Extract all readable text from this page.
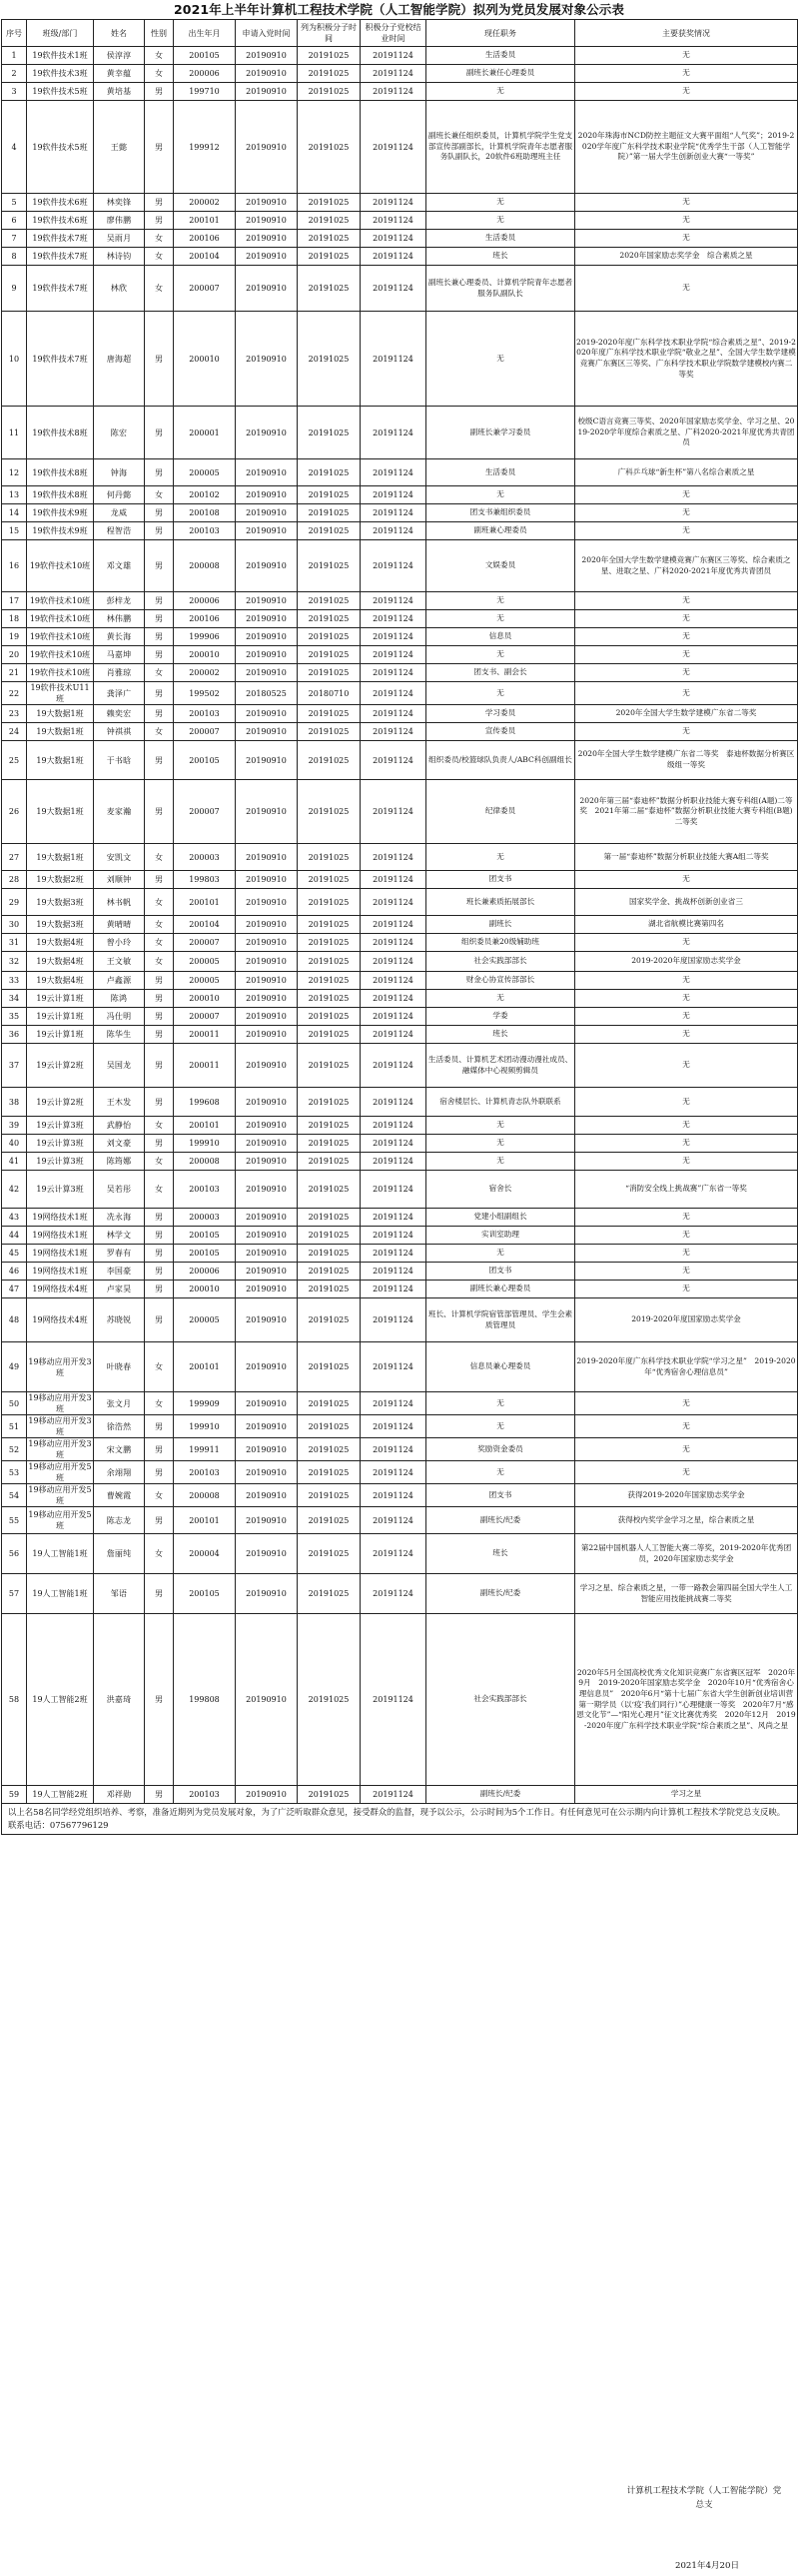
2021年上半年计算机工程技术学院（人工智能学院）拟列为党员发展对象公示表
序号	班级/部门	姓名	性别	出生年月	申请入党时间	列为积极分子时间	积极分子党校结业时间	现任职务	主要获奖情况
1	19软件技术1班	侯淳淳	女	200105	20190910	20191025	20191124	生活委员	无
2	19软件技术3班	黄幸蕴	女	200006	20190910	20191025	20191124	副班长兼任心理委员	无
3	19软件技术5班	黄培基	男	199710	20190910	20191025	20191124	无	无
4	19软件技术5班	王懿	男	199912	20190910	20191025	20191124	副班长兼任组织委员，计算机学院学生党支部宣传部副部长，计算机学院青年志愿者服务队副队长，20软件6班助理班主任	2020年珠海市NCD防控主题征文大赛平面组“人气奖”；2019-2020学年度广东科学技术职业学院“优秀学生干部（人工智能学院）”第一届大学生创新创业大赛“一等奖”
5	19软件技术6班	林奕锋	男	200002	20190910	20191025	20191124	无	无
6	19软件技术6班	廖伟鹏	男	200101	20190910	20191025	20191124	无	无
7	19软件技术7班	吴雨月	女	200106	20190910	20191025	20191124	生活委员	无
8	19软件技术7班	林诗钧	女	200104	20190910	20191025	20191124	班长	2020年国家励志奖学金　综合素质之星
9	19软件技术7班	林欣	女	200007	20190910	20191025	20191124	副班长兼心理委员、计算机学院青年志愿者服务队副队长	无
10	19软件技术7班	唐海超	男	200010	20190910	20191025	20191124	无	2019-2020年度广东科学技术职业学院“综合素质之星”、2019-2020年度广东科学技术职业学院“敬业之星”、全国大学生数学建模竞赛广东赛区三等奖、广东科学技术职业学院数学建模校内赛二等奖
11	19软件技术8班	陈宏	男	200001	20190910	20191025	20191124	副班长兼学习委员	校级C语言竞赛三等奖、2020年国家励志奖学金、学习之星、2019-2020学年度综合素质之星、广科2020-2021年度优秀共青团员
12	19软件技术8班	钟海	男	200005	20190910	20191025	20191124	生活委员	广科乒乓球“新生杯”第八名综合素质之星
13	19软件技术8班	何丹懿	女	200102	20190910	20191025	20191124	无	无
14	19软件技术9班	龙威	男	200108	20190910	20191025	20191124	团支书兼组织委员	无
15	19软件技术9班	程智浩	男	200103	20190910	20191025	20191124	副班兼心理委员	无
16	19软件技术10班	邓文雄	男	200008	20190910	20191025	20191124	文娱委员	2020年全国大学生数学建模竞赛广东赛区三等奖、综合素质之星、进取之星、广科2020-2021年度优秀共青团员
17	19软件技术10班	彭梓龙	男	200006	20190910	20191025	20191124	无	无
18	19软件技术10班	林伟鹏	男	200106	20190910	20191025	20191124	无	无
19	19软件技术10班	黄长海	男	199906	20190910	20191025	20191124	信息员	无
20	19软件技术10班	马嘉坤	男	200010	20190910	20191025	20191124	无	无
21	19软件技术10班	肖雅琼	女	200002	20190910	20191025	20191124	团支书、副会长	无
22	19软件技术U11班	龚泽广	男	199502	20180525	20180710	20191124	无	无
23	19大数据1班	赖奕宏	男	200103	20190910	20191025	20191124	学习委员	2020年全国大学生数学建模广东省二等奖
24	19大数据1班	钟祺祺	女	200007	20190910	20191025	20191124	宣传委员	无
25	19大数据1班	于书晗	男	200105	20190910	20191025	20191124	组织委员/校篮球队负责人/ABC科创副组长	2020年全国大学生数学建模广东省二等奖　泰迪杯数据分析赛区级组一等奖
26	19大数据1班	麦家瀚	男	200007	20190910	20191025	20191124	纪律委员	2020年第三届“泰迪杯”数据分析职业技能大赛专科组(A题)二等奖　2021年第二届“泰迪杯”数据分析职业技能大赛专科组(B题)二等奖
27	19大数据1班	安凯文	女	200003	20190910	20191025	20191124	无	第一届“泰迪杯”数据分析职业技能大赛A组二等奖
28	19大数据2班	刘顺钟	男	199803	20190910	20191025	20191124	团支书	无
29	19大数据3班	林书帆	女	200101	20190910	20191025	20191124	班长兼素质拓展部长	国家奖学金、挑战杯创新创业省三
30	19大数据3班	黄晴晴	女	200104	20190910	20191025	20191124	副班长	湖北省航模比赛第四名
31	19大数据4班	曾小玲	女	200007	20190910	20191025	20191124	组织委员兼20级辅助班	无
32	19大数据4班	王文敏	女	200005	20190910	20191025	20191124	社会实践部部长	2019-2020年度国家励志奖学金
33	19大数据4班	卢鑫源	男	200005	20190910	20191025	20191124	财金心协宣传部部长	无
34	19云计算1班	陈鸿	男	200010	20190910	20191025	20191124	无	无
35	19云计算1班	冯仕明	男	200007	20190910	20191025	20191124	学委	无
36	19云计算1班	陈华生	男	200011	20190910	20191025	20191124	班长	无
37	19云计算2班	吴国龙	男	200011	20190910	20191025	20191124	生活委员、计算机艺术团动漫动漫社成员、融媒体中心视频剪辑员	无
38	19云计算2班	王木发	男	199608	20190910	20191025	20191124	宿舍楼层长、计算机青志队外联联系	无
39	19云计算3班	武静怡	女	200101	20190910	20191025	20191124	无	无
40	19云计算3班	刘文豪	男	199910	20190910	20191025	20191124	无	无
41	19云计算3班	陈筠娜	女	200008	20190910	20191025	20191124	无	无
42	19云计算3班	吴若彤	女	200103	20190910	20191025	20191124	宿舍长	“消防安全线上挑战赛”广东省一等奖
43	19网络技术1班	冼永海	男	200003	20190910	20191025	20191124	党建小组副组长	无
44	19网络技术1班	林学文	男	200105	20190910	20191025	20191124	实训室助理	无
45	19网络技术1班	罗春有	男	200105	20190910	20191025	20191124	无	无
46	19网络技术1班	李国豪	男	200006	20190910	20191025	20191124	团支书	无
47	19网络技术4班	卢家昊	男	200010	20190910	20191025	20191124	副班长兼心理委员	无
48	19网络技术4班	苏晓锐	男	200005	20190910	20191025	20191124	班长、计算机学院宿管部管理员、学生会素质管理员	2019-2020年度国家励志奖学金
49	19移动应用开发3班	叶晓春	女	200101	20190910	20191025	20191124	信息员兼心理委员	2019-2020年度广东科学技术职业学院“学习之星”　2019-2020年“优秀宿舍心理信息员”
50	19移动应用开发3班	张文月	女	199909	20190910	20191025	20191124	无	无
51	19移动应用开发3班	徐浩然	男	199910	20190910	20191025	20191124	无	无
52	19移动应用开发3班	宋文鹏	男	199911	20190910	20191025	20191124	奖励资金委员	无
53	19移动应用开发5班	余翊翔	男	200103	20190910	20191025	20191124	无	无
54	19移动应用开发5班	曹婉霞	女	200008	20190910	20191025	20191124	团支书	获得2019-2020年国家励志奖学金
55	19移动应用开发5班	陈志龙	男	200101	20190910	20191025	20191124	副班长/纪委	获得校内奖学金学习之星，综合素质之星
56	19人工智能1班	詹丽纯	女	200004	20190910	20191025	20191124	班长	第22届中国机器人人工智能大赛二等奖，2019-2020年优秀团员，2020年国家励志奖学金
57	19人工智能1班	邹语	男	200105	20190910	20191025	20191124	副班长/纪委	学习之星、综合素质之星，一带一路教会第四届全国大学生人工智能应用技能挑战赛二等奖
58	19人工智能2班	洪嘉琦	男	199808	20190910	20191025	20191124	社会实践部部长	2020年5月全国高校优秀文化知识竞赛广东省赛区冠军　2020年9月　2019-2020年国家励志奖学金　2020年10月“优秀宿舍心理信息员”　2020年6月“第十七届广东省大学生创新创业培训营第一期学员（以‘疫’我们同行）”心理健康一等奖　2020年7月“感恩文化节”—“阳光心理月”征文比赛优秀奖　2020年12月　2019-2020年度广东科学技术职业学院“综合素质之星”、风尚之星
59	19人工智能2班	邓祥勋	男	200103	20190910	20191025	20191124	副班长/纪委	学习之星
以上名58名同学经党组织培养、考察，准备近期列为党员发展对象，为了广泛听取群众意见，接受群众的监督，现予以公示，公示时间为5个工作日。有任何意见可在公示期内向计算机工程技术学院党总支反映。联系电话：07567796129									
计算机工程技术学院（人工智能学院）党总支
2021年4月20日
